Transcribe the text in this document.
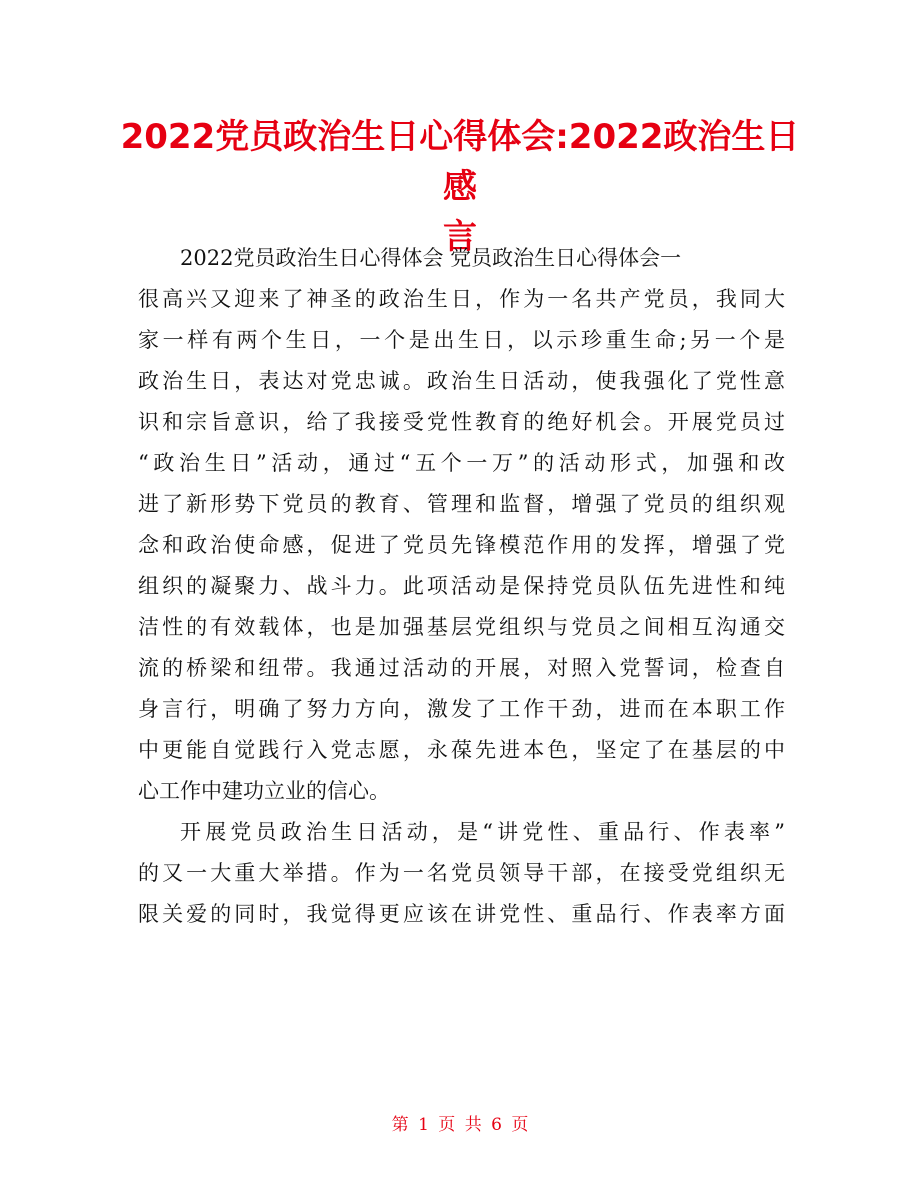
2022党员政治生日心得体会:2022政治生日感
言
2022党员政治生日心得体会 党员政治生日心得体会一
很高兴又迎来了神圣的政治生日，作为一名共产党员，我同大
家一样有两个生日，一个是出生日，以示珍重生命;另一个是
政治生日，表达对党忠诚。政治生日活动，使我强化了党性意
识和宗旨意识，给了我接受党性教育的绝好机会。开展党员过
“政治生日”活动，通过“五个一万”的活动形式，加强和改
进了新形势下党员的教育、管理和监督，增强了党员的组织观
念和政治使命感，促进了党员先锋模范作用的发挥，增强了党
组织的凝聚力、战斗力。此项活动是保持党员队伍先进性和纯
洁性的有效载体，也是加强基层党组织与党员之间相互沟通交
流的桥梁和纽带。我通过活动的开展，对照入党誓词，检查自
身言行，明确了努力方向，激发了工作干劲，进而在本职工作
中更能自觉践行入党志愿，永葆先进本色，坚定了在基层的中
心工作中建功立业的信心。
开展党员政治生日活动，是“讲党性、重品行、作表率”
的又一大重大举措。作为一名党员领导干部，在接受党组织无
限关爱的同时，我觉得更应该在讲党性、重品行、作表率方面
第 1 页 共 6 页
